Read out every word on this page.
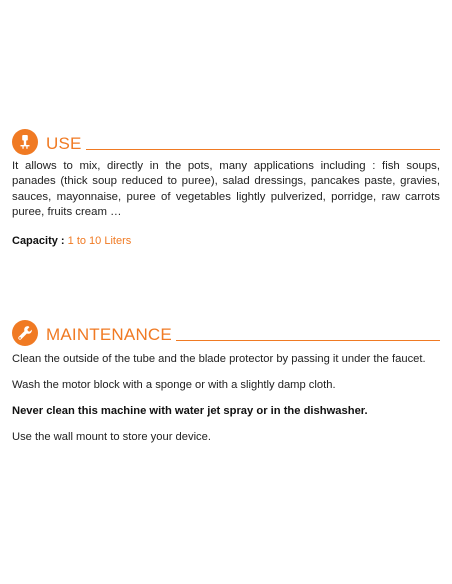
USE
It allows to mix, directly in the pots, many applications including : fish soups, panades (thick soup reduced to puree), salad dressings, pancakes paste, gravies, sauces, mayonnaise, puree of vegetables lightly pulverized, porridge, raw carrots puree, fruits cream …
Capacity : 1 to 10 Liters
MAINTENANCE

Clean the outside of the tube and the blade protector by passing it under the faucet.

Wash the motor block with a sponge or with a slightly damp cloth.

Never clean this machine with water jet spray or in the dishwasher.

Use the wall mount to store your device.
